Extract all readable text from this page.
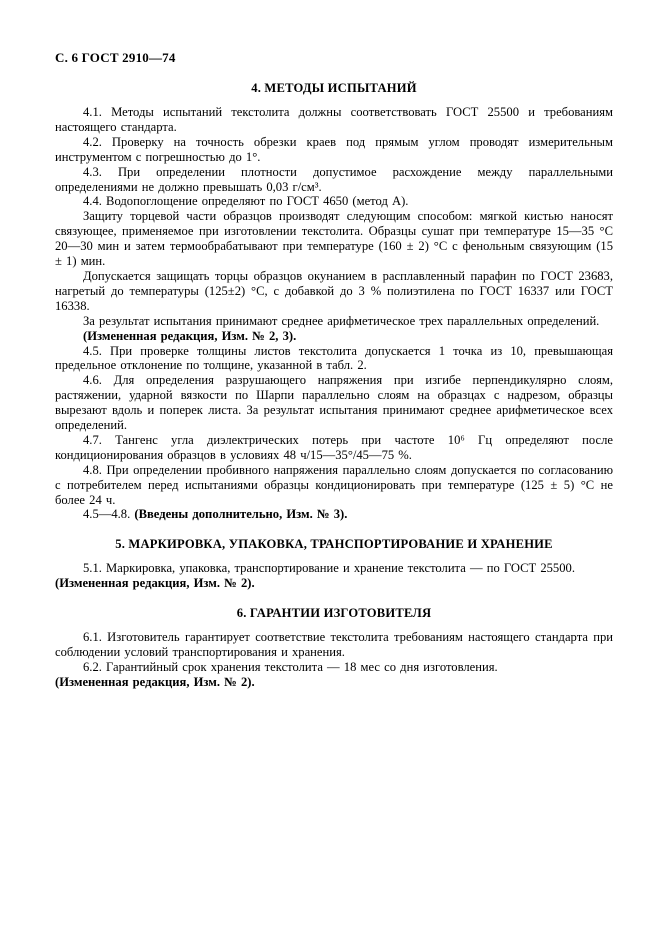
С. 6 ГОСТ 2910—74
4. МЕТОДЫ ИСПЫТАНИЙ

4.1. Методы испытаний текстолита должны соответствовать ГОСТ 25500 и требованиям настоящего стандарта.

4.2. Проверку на точность обрезки краев под прямым углом проводят измерительным инструментом с погрешностью до 1°.

4.3. При определении плотности допустимое расхождение между параллельными определениями не должно превышать 0,03 г/см³.

4.4. Водопоглощение определяют по ГОСТ 4650 (метод А).

Защиту торцевой части образцов производят следующим способом: мягкой кистью наносят связующее, применяемое при изготовлении текстолита. Образцы сушат при температуре 15—35 °С 20—30 мин и затем термообрабатывают при температуре (160 ± 2) °С с фенольным связующим (15 ± 1) мин.

Допускается защищать торцы образцов окунанием в расплавленный парафин по ГОСТ 23683, нагретый до температуры (125±2) °С, с добавкой до 3 % полиэтилена по ГОСТ 16337 или ГОСТ 16338.

За результат испытания принимают среднее арифметическое трех параллельных определений.

(Измененная редакция, Изм. № 2, 3).

4.5. При проверке толщины листов текстолита допускается 1 точка из 10, превышающая предельное отклонение по толщине, указанной в табл. 2.

4.6. Для определения разрушающего напряжения при изгибе перпендикулярно слоям, растяжении, ударной вязкости по Шарпи параллельно слоям на образцах с надрезом, образцы вырезают вдоль и поперек листа. За результат испытания принимают среднее арифметическое всех определений.

4.7. Тангенс угла диэлектрических потерь при частоте 10⁶ Гц определяют после кондиционирования образцов в условиях 48 ч/15—35°/45—75 %.

4.8. При определении пробивного напряжения параллельно слоям допускается по согласованию с потребителем перед испытаниями образцы кондиционировать при температуре (125 ± 5) °С не более 24 ч.

4.5—4.8. (Введены дополнительно, Изм. № 3).

5. МАРКИРОВКА, УПАКОВКА, ТРАНСПОРТИРОВАНИЕ И ХРАНЕНИЕ

5.1. Маркировка, упаковка, транспортирование и хранение текстолита — по ГОСТ 25500.

(Измененная редакция, Изм. № 2).

6. ГАРАНТИИ ИЗГОТОВИТЕЛЯ

6.1. Изготовитель гарантирует соответствие текстолита требованиям настоящего стандарта при соблюдении условий транспортирования и хранения.

6.2. Гарантийный срок хранения текстолита — 18 мес со дня изготовления.

(Измененная редакция, Изм. № 2).
